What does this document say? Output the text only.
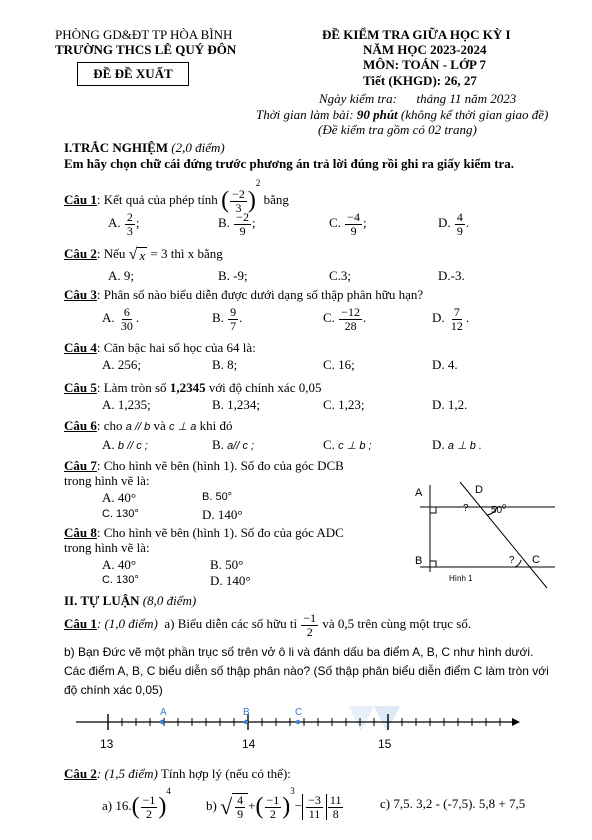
PHÒNG GD&ĐT TP HÒA BÌNH
TRƯỜNG THCS LÊ QUÝ ĐÔN
ĐỀ ĐỀ XUẤT
ĐỀ KIỂM TRA GIỮA HỌC KỲ I
NĂM HỌC 2023-2024
MÔN: TOÁN - LỚP 7
Tiết (KHGD): 26, 27
Ngày kiểm tra: tháng 11 năm 2023
Thời gian làm bài: 90 phút (không kể thời gian giao đề)
(Đề kiểm tra gồm có 02 trang)
I.TRẮC NGHIỆM (2,0 điểm)
Em hãy chọn chữ cái đứng trước phương án trả lời đúng rồi ghi ra giấy kiểm tra.
Câu 1: Kết quả của phép tính ( $\frac{-2}{3} )^2$ bằng
A. $\frac{2}{3}$ ;	B. $\frac{-2}{9}$ ;	C. $\frac{-4}{9}$ ;	D. $\frac{4}{9}$ .
Câu 2: Nếu √ x = 3 thì x bằng
A. 9;	B. -9;	C.3;	D.-3.
Câu 3: Phân số nào biểu diễn được dưới dạng số thập phân hữu hạn?
A. $\frac{6}{30}$ .	B. $\frac{9}{7}$ .	C. $\frac{-12}{28}$ .	D. $\frac{7}{12}$ .
Câu 4: Căn bậc hai số học của 64 là:
A. 256;	B. 8;	C. 16;	D. 4.
Câu 5: Làm tròn số 1,2345 với độ chính xác 0,05
A. 1,235;	B. 1,234;	C. 1,23;	D. 1,2.
Câu 6: cho a // b và c ⊥ a khi đó
A. b // c ;	B. a// c ;	C. c ⊥ b ;	D. a ⊥ b .
Câu 7: Cho hình vẽ bên (hình 1). Số đo của góc DCB
trong hình vẽ là:
A. 40°	B. 50°
C. 130°	D. 140°
Câu 8: Cho hình vẽ bên (hình 1). Số đo của góc ADC
trong hình vẽ là:
A. 40°	B. 50°
C. 130°	D. 140°
A	D
? $50^0$
B	? C
Hình 1
II. TỰ LUẬN (8,0 điểm)
Câu 1: (1,0 điểm) a) Biểu diễn các số hữu tỉ $\frac{-1}{2}$ và 0,5 trên cùng một trục số.
b) Bạn Đức vẽ một phần trục số trên vở ô li và đánh dấu ba điểm A, B, C như hình dưới.
Các điểm A, B, C biểu diễn số thập phân nào? (Số thập phân biểu diễn điểm C làm tròn với
độ chính xác 0,05)
13	14	15
A	B	C
Câu 2: (1,5 điểm) Tính hợp lý (nếu có thể):
a) $16.( \frac{-1}{2} )^4$
b) √ $\frac{4}{9}$ +( $\frac{-1}{2} )^3- \frac{-3}{11} \frac{11}{8}$	c) 7,5. 3,2 - (-7,5). 5,8 + 7,5
